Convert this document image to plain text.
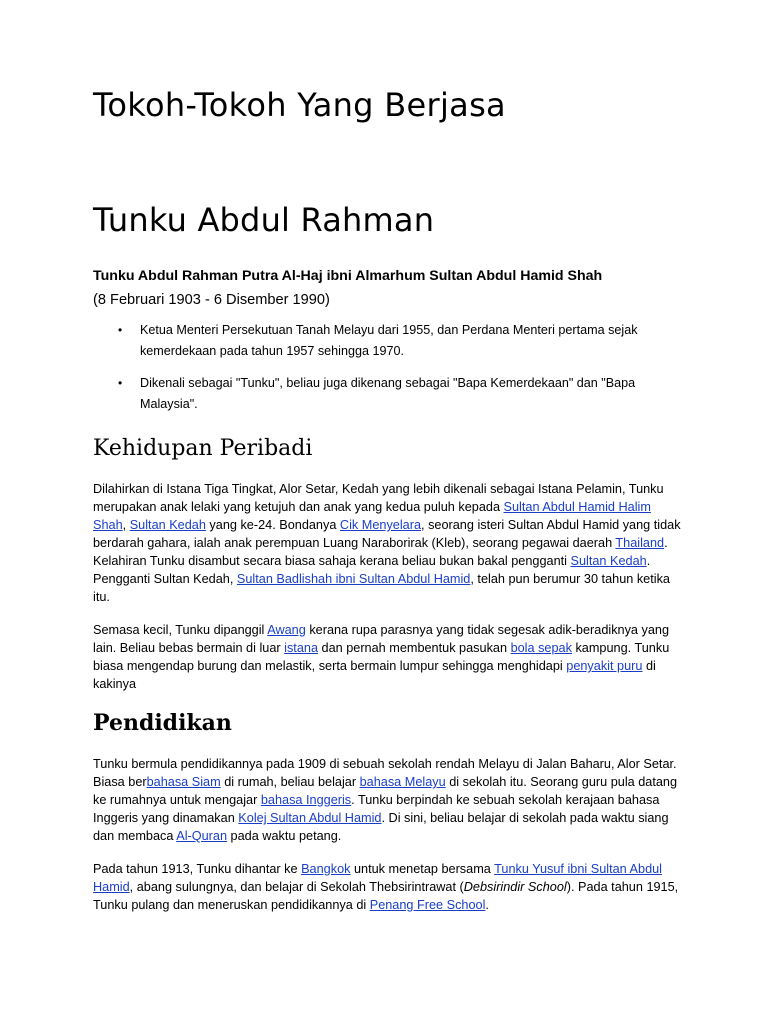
Tokoh-Tokoh Yang Berjasa
Tunku Abdul Rahman

Tunku Abdul Rahman Putra Al-Haj ibni Almarhum Sultan Abdul Hamid Shah
(8 Februari 1903 - 6 Disember 1990)

• Ketua Menteri Persekutuan Tanah Melayu dari 1955, dan Perdana Menteri pertama sejak kemerdekaan pada tahun 1957 sehingga 1970.
• Dikenali sebagai "Tunku", beliau juga dikenang sebagai "Bapa Kemerdekaan" dan "Bapa Malaysia".
Kehidupan Peribadi

Dilahirkan di Istana Tiga Tingkat, Alor Setar, Kedah yang lebih dikenali sebagai Istana Pelamin, Tunku merupakan anak lelaki yang ketujuh dan anak yang kedua puluh kepada Sultan Abdul Hamid Halim Shah, Sultan Kedah yang ke-24. Bondanya Cik Menyelara, seorang isteri Sultan Abdul Hamid yang tidak berdarah gahara, ialah anak perempuan Luang Naraborirak (Kleb), seorang pegawai daerah Thailand. Kelahiran Tunku disambut secara biasa sahaja kerana beliau bukan bakal pengganti Sultan Kedah. Pengganti Sultan Kedah, Sultan Badlishah ibni Sultan Abdul Hamid, telah pun berumur 30 tahun ketika itu.

Semasa kecil, Tunku dipanggil Awang kerana rupa parasnya yang tidak segesak adik-beradiknya yang lain. Beliau bebas bermain di luar istana dan pernah membentuk pasukan bola sepak kampung. Tunku biasa mengendap burung dan melastik, serta bermain lumpur sehingga menghidapi penyakit puru di kakinya

Pendidikan

Tunku bermula pendidikannya pada 1909 di sebuah sekolah rendah Melayu di Jalan Baharu, Alor Setar. Biasa berbahasa Siam di rumah, beliau belajar bahasa Melayu di sekolah itu. Seorang guru pula datang ke rumahnya untuk mengajar bahasa Inggeris. Tunku berpindah ke sebuah sekolah kerajaan bahasa Inggeris yang dinamakan Kolej Sultan Abdul Hamid. Di sini, beliau belajar di sekolah pada waktu siang dan membaca Al-Quran pada waktu petang.

Pada tahun 1913, Tunku dihantar ke Bangkok untuk menetap bersama Tunku Yusuf ibni Sultan Abdul Hamid, abang sulungnya, dan belajar di Sekolah Thebsirintrawat (Debsirindir School). Pada tahun 1915, Tunku pulang dan meneruskan pendidikannya di Penang Free School.
